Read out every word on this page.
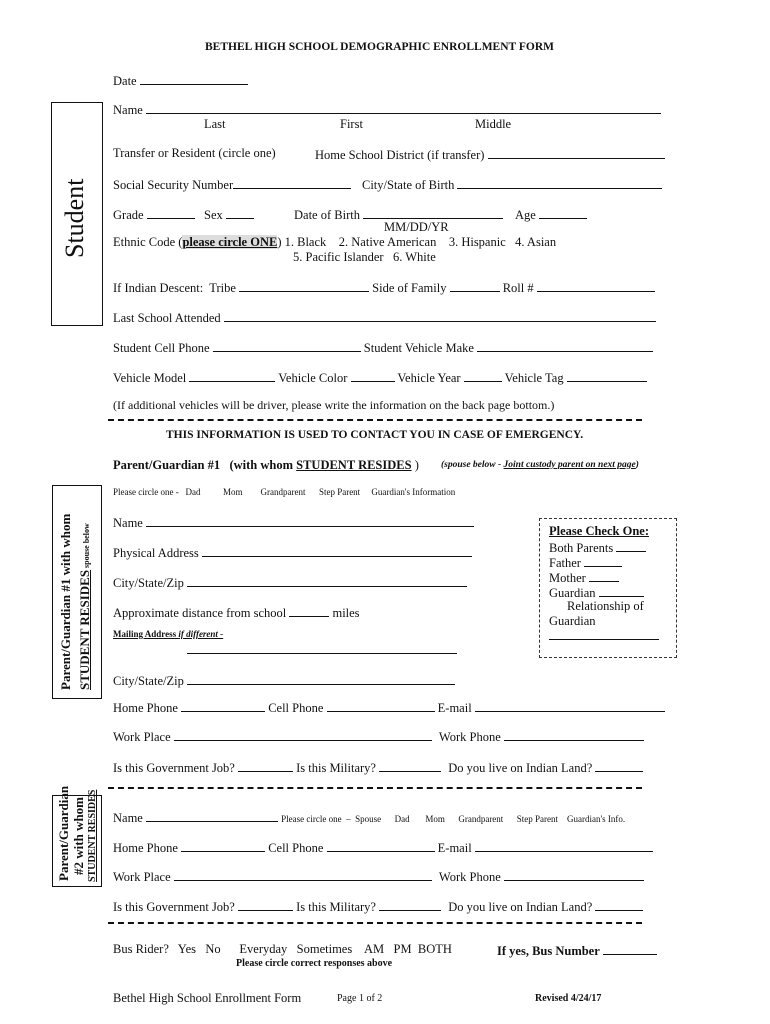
BETHEL HIGH SCHOOL DEMOGRAPHIC ENROLLMENT FORM
Student
Date
Name
Last	First	Middle
Transfer or Resident (circle one)	Home School District (if transfer)
Social Security Number	City/State of Birth
Grade	Sex	Date of Birth	Age
MM/DD/YR
Ethnic Code (please circle ONE) 1. Black    2. Native American    3. Hispanic   4. Asian
5. Pacific Islander   6. White
If Indian Descent:  Tribe	Side of Family	Roll #
Last School Attended
Student Cell Phone	Student Vehicle Make
Vehicle Model	Vehicle Color	Vehicle Year	Vehicle Tag
(If additional vehicles will be driver, please write the information on the back page bottom.)
THIS INFORMATION IS USED TO CONTACT YOU IN CASE OF EMERGENCY.
Parent/Guardian #1 with whom STUDENT RESIDES spouse below
Parent/Guardian #1   (with whom STUDENT RESIDES ) (spouse below - Joint custody parent on next page)
Please circle one -   Dad          Mom        Grandparent      Step Parent     Guardian's Information
Name
Physical Address
City/State/Zip
Approximate distance from school	miles
Mailing Address if different -
City/State/Zip
Please Check One:
Both Parents
Father
Mother
Guardian
Relationship of
Guardian
Home Phone	Cell Phone	E-mail
Work Place	Work Phone
Is this Government Job?	Is this Military?	Do you live on Indian Land?
Parent/Guardian #2 with whom STUDENT RESIDES Name	Please circle one  –  Spouse      Dad       Mom      Grandparent      Step Parent    Guardian's Info.
Home Phone	Cell Phone	E-mail
Work Place	Work Phone
Is this Government Job?	Is this Military?	Do you live on Indian Land?
Bus Rider?   Yes   No      Everyday   Sometimes    AM   PM  BOTH	If yes, Bus Number
Please circle correct responses above
Bethel High School Enrollment Form	Page 1 of 2	Revised 4/24/17
